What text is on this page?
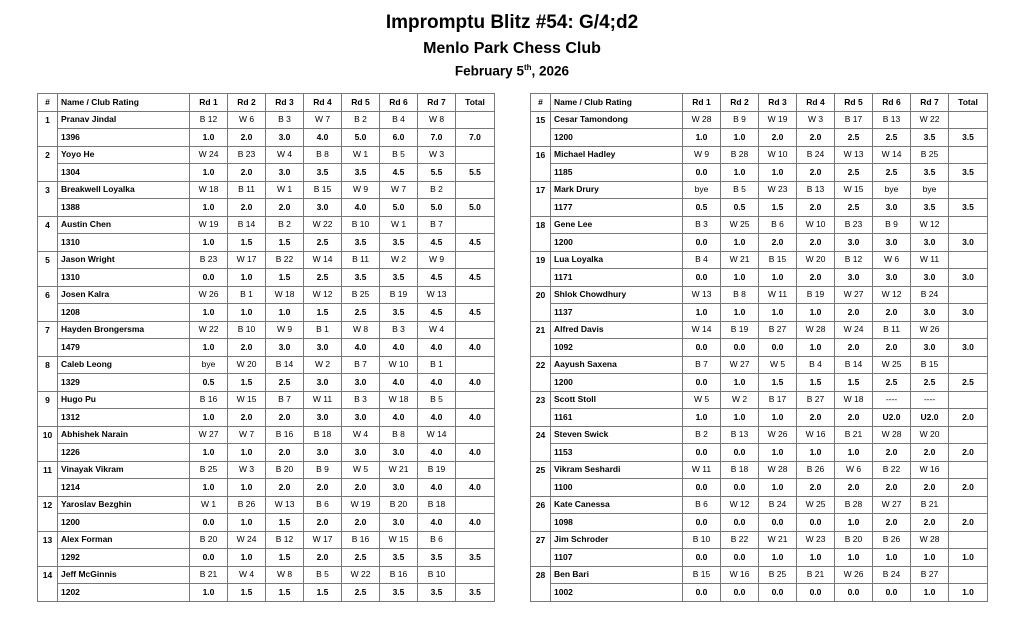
Impromptu Blitz #54: G/4;d2
Menlo Park Chess Club
February 5th, 2026
#	Name / Club Rating	Rd 1	Rd 2	Rd 3	Rd 4	Rd 5	Rd 6	Rd 7	Total
1	Pranav Jindal	B 12	W 6	B 3	W 7	B 2	B 4	W 8	
	1396	1.0	2.0	3.0	4.0	5.0	6.0	7.0	7.0
2	Yoyo He	W 24	B 23	W 4	B 8	W 1	B 5	W 3	
	1304	1.0	2.0	3.0	3.5	3.5	4.5	5.5	5.5
3	Breakwell Loyalka	W 18	B 11	W 1	B 15	W 9	W 7	B 2	
	1388	1.0	2.0	2.0	3.0	4.0	5.0	5.0	5.0
4	Austin Chen	W 19	B 14	B 2	W 22	B 10	W 1	B 7	
	1310	1.0	1.5	1.5	2.5	3.5	3.5	4.5	4.5
5	Jason Wright	B 23	W 17	B 22	W 14	B 11	W 2	W 9	
	1310	0.0	1.0	1.5	2.5	3.5	3.5	4.5	4.5
6	Josen Kalra	W 26	B 1	W 18	W 12	B 25	B 19	W 13	
	1208	1.0	1.0	1.0	1.5	2.5	3.5	4.5	4.5
7	Hayden Brongersma	W 22	B 10	W 9	B 1	W 8	B 3	W 4	
	1479	1.0	2.0	3.0	3.0	4.0	4.0	4.0	4.0
8	Caleb Leong	bye	W 20	B 14	W 2	B 7	W 10	B 1	
	1329	0.5	1.5	2.5	3.0	3.0	4.0	4.0	4.0
9	Hugo Pu	B 16	W 15	B 7	W 11	B 3	W 18	B 5	
	1312	1.0	2.0	2.0	3.0	3.0	4.0	4.0	4.0
10	Abhishek Narain	W 27	W 7	B 16	B 18	W 4	B 8	W 14	
	1226	1.0	1.0	2.0	3.0	3.0	3.0	4.0	4.0
11	Vinayak Vikram	B 25	W 3	B 20	B 9	W 5	W 21	B 19	
	1214	1.0	1.0	2.0	2.0	2.0	3.0	4.0	4.0
12	Yaroslav Bezghin	W 1	B 26	W 13	B 6	W 19	B 20	B 18	
	1200	0.0	1.0	1.5	2.0	2.0	3.0	4.0	4.0
13	Alex Forman	B 20	W 24	B 12	W 17	B 16	W 15	B 6	
	1292	0.0	1.0	1.5	2.0	2.5	3.5	3.5	3.5
14	Jeff McGinnis	B 21	W 4	W 8	B 5	W 22	B 16	B 10	
	1202	1.0	1.5	1.5	1.5	2.5	3.5	3.5	3.5
#	Name / Club Rating	Rd 1	Rd 2	Rd 3	Rd 4	Rd 5	Rd 6	Rd 7	Total
15	Cesar Tamondong	W 28	B 9	W 19	W 3	B 17	B 13	W 22	
	1200	1.0	1.0	2.0	2.0	2.5	2.5	3.5	3.5
16	Michael Hadley	W 9	B 28	W 10	B 24	W 13	W 14	B 25	
	1185	0.0	1.0	1.0	2.0	2.5	2.5	3.5	3.5
17	Mark Drury	bye	B 5	W 23	B 13	W 15	bye	bye	
	1177	0.5	0.5	1.5	2.0	2.5	3.0	3.5	3.5
18	Gene Lee	B 3	W 25	B 6	W 10	B 23	B 9	W 12	
	1200	0.0	1.0	2.0	2.0	3.0	3.0	3.0	3.0
19	Lua Loyalka	B 4	W 21	B 15	W 20	B 12	W 6	W 11	
	1171	0.0	1.0	1.0	2.0	3.0	3.0	3.0	3.0
20	Shlok Chowdhury	W 13	B 8	W 11	B 19	W 27	W 12	B 24	
	1137	1.0	1.0	1.0	1.0	2.0	2.0	3.0	3.0
21	Alfred Davis	W 14	B 19	B 27	W 28	W 24	B 11	W 26	
	1092	0.0	0.0	0.0	1.0	2.0	2.0	3.0	3.0
22	Aayush Saxena	B 7	W 27	W 5	B 4	B 14	W 25	B 15	
	1200	0.0	1.0	1.5	1.5	1.5	2.5	2.5	2.5
23	Scott Stoll	W 5	W 2	B 17	B 27	W 18	----	----	
	1161	1.0	1.0	1.0	2.0	2.0	U2.0	U2.0	2.0
24	Steven Swick	B 2	B 13	W 26	W 16	B 21	W 28	W 20	
	1153	0.0	0.0	1.0	1.0	1.0	2.0	2.0	2.0
25	Vikram Seshardi	W 11	B 18	W 28	B 26	W 6	B 22	W 16	
	1100	0.0	0.0	1.0	2.0	2.0	2.0	2.0	2.0
26	Kate Canessa	B 6	W 12	B 24	W 25	B 28	W 27	B 21	
	1098	0.0	0.0	0.0	0.0	1.0	2.0	2.0	2.0
27	Jim Schroder	B 10	B 22	W 21	W 23	B 20	B 26	W 28	
	1107	0.0	0.0	1.0	1.0	1.0	1.0	1.0	1.0
28	Ben Bari	B 15	W 16	B 25	B 21	W 26	B 24	B 27	
	1002	0.0	0.0	0.0	0.0	0.0	0.0	1.0	1.0
